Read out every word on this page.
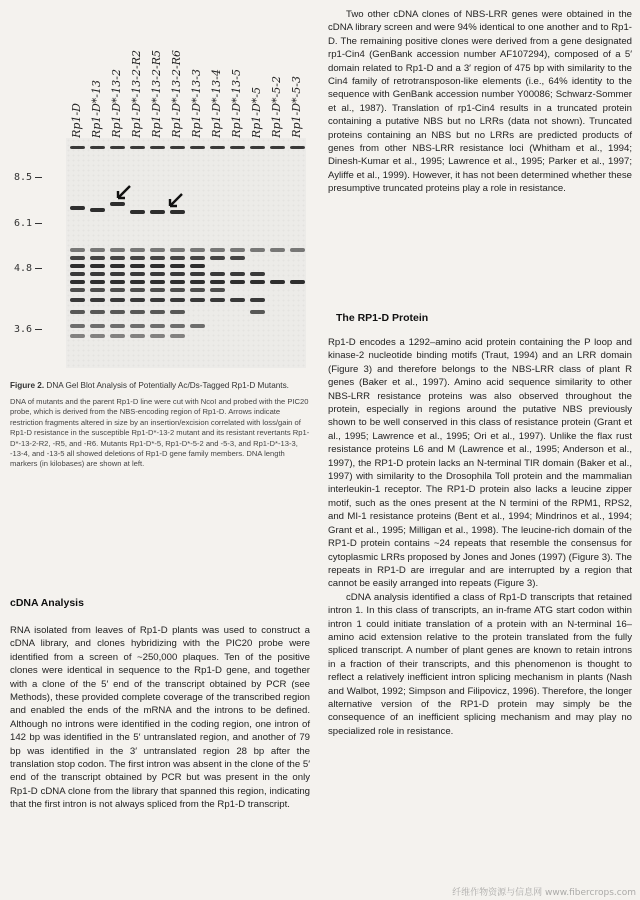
Rp1-D Rp1-D*-13 Rp1-D*-13-2 Rp1-D*-13-2-R2 Rp1-D*-13-2-R5 Rp1-D*-13-2-R6 Rp1-D*-13-3 Rp1-D*-13-4 Rp1-D*-13-5 Rp1-D*-5 Rp1-D*-5-2 Rp1-D*-5-3
8.5
6.1
4.8
3.6

Figure 2. DNA Gel Blot Analysis of Potentially Ac/Ds-Tagged Rp1-D Mutants.

DNA of mutants and the parent Rp1-D line were cut with NcoI and probed with the PIC20 probe, which is derived from the NBS-encoding region of Rp1-D. Arrows indicate restriction fragments altered in size by an insertion/excision correlated with loss/gain of Rp1-D resistance in the susceptible Rp1-D*-13-2 mutant and its resistant revertants Rp1-D*-13-2-R2, -R5, and -R6. Mutants Rp1-D*-5, Rp1-D*-5-2 and -5-3, and Rp1-D*-13-3, -13-4, and -13-5 all showed deletions of Rp1-D gene family members. DNA length markers (in kilobases) are shown at left.

cDNA Analysis

RNA isolated from leaves of Rp1-D plants was used to construct a cDNA library, and clones hybridizing with the PIC20 probe were identified from a screen of ~250,000 plaques. Ten of the positive clones were identical in sequence to the Rp1-D gene, and together with a clone of the 5′ end of the transcript obtained by PCR (see Methods), these provided complete coverage of the transcribed region and enabled the ends of the mRNA and the introns to be defined. Although no introns were identified in the coding region, one intron of 142 bp was identified in the 5′ untranslated region, and another of 79 bp was identified in the 3′ untranslated region 28 bp after the translation stop codon. The first intron was absent in the clone of the 5′ end of the transcript obtained by PCR but was present in the only Rp1-D cDNA clone from the library that spanned this region, indicating that the first intron is not always spliced from the Rp1-D transcript.

Two other cDNA clones of NBS-LRR genes were obtained in the cDNA library screen and were 94% identical to one another and to Rp1-D. The remaining positive clones were derived from a gene designated rp1-Cin4 (GenBank accession number AF107294), composed of a 5′ domain related to Rp1-D and a 3′ region of 475 bp with similarity to the Cin4 family of retrotransposon-like elements (i.e., 64% identity to the sequence with GenBank accession number Y00086; Schwarz-Sommer et al., 1987). Translation of rp1-Cin4 results in a truncated protein containing a putative NBS but no LRRs (data not shown). Truncated proteins containing an NBS but no LRRs are predicted products of genes from other NBS-LRR resistance loci (Whitham et al., 1994; Dinesh-Kumar et al., 1995; Lawrence et al., 1995; Parker et al., 1997; Ayliffe et al., 1999). However, it has not been determined whether these presumptive truncated proteins play a role in resistance.

The RP1-D Protein

Rp1-D encodes a 1292–amino acid protein containing the P loop and kinase-2 nucleotide binding motifs (Traut, 1994) and an LRR domain (Figure 3) and therefore belongs to the NBS-LRR class of plant R genes (Baker et al., 1997). Amino acid sequence similarity to other NBS-LRR resistance proteins was also observed throughout the protein, especially in regions around the putative NBS previously shown to be well conserved in this class of resistance protein (Grant et al., 1995; Lawrence et al., 1995; Ori et al., 1997). Unlike the flax rust resistance proteins L6 and M (Lawrence et al., 1995; Anderson et al., 1997), the RP1-D protein lacks an N-terminal TIR domain (Baker et al., 1997) with similarity to the Drosophila Toll protein and the mammalian interleukin-1 receptor. The RP1-D protein also lacks a leucine zipper motif, such as the ones present at the N termini of the RPM1, RPS2, and MI-1 resistance proteins (Bent et al., 1994; Mindrinos et al., 1994; Grant et al., 1995; Milligan et al., 1998). The leucine-rich domain of the RP1-D protein contains ~24 repeats that resemble the consensus for cytoplasmic LRRs proposed by Jones and Jones (1997) (Figure 3). The repeats in RP1-D are irregular and are interrupted by a region that cannot be easily arranged into repeats (Figure 3).

cDNA analysis identified a class of Rp1-D transcripts that retained intron 1. In this class of transcripts, an in-frame ATG start codon within intron 1 could initiate translation of a protein with an N-terminal 16–amino acid extension relative to the protein translated from the fully spliced transcript. A number of plant genes are known to retain introns in a fraction of their transcripts, and this phenomenon is thought to reflect a relatively inefficient intron splicing mechanism in plants (Nash and Walbot, 1992; Simpson and Filipovicz, 1996). Therefore, the longer alternative version of the RP1-D protein may simply be the consequence of an inefficient splicing mechanism and may play no specialized role in resistance.

纤维作物资源与信息网 www.fibercrops.com
